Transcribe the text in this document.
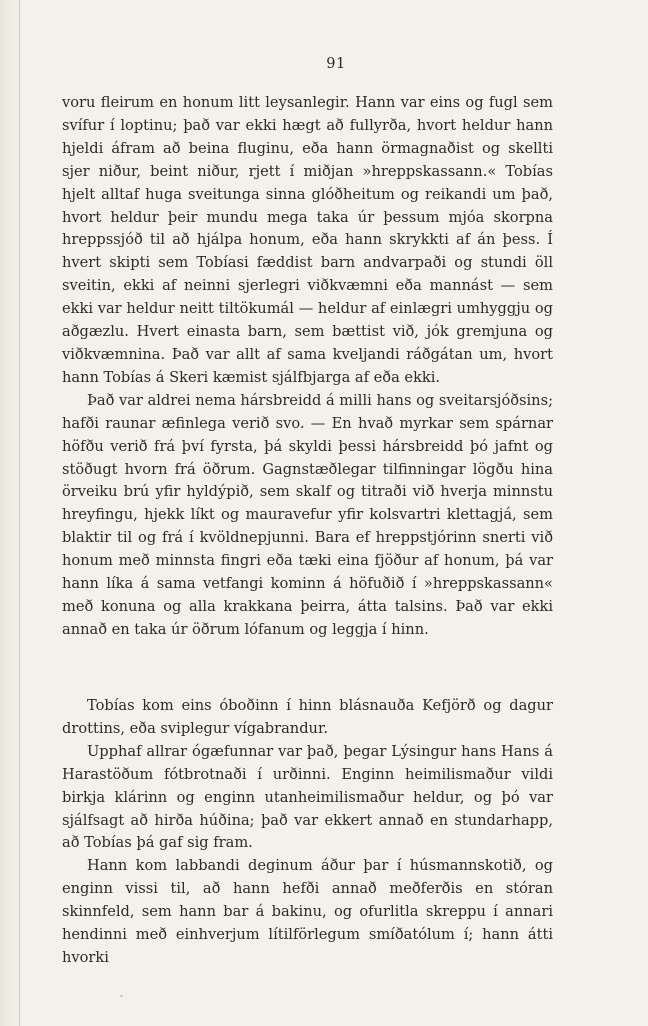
91

voru fleirum en honum litt leysanlegir. Hann var eins og fugl sem svífur í loptinu; það var ekki hægt að fullyrða, hvort heldur hann hjeldi áfram að beina fluginu, eða hann örmagnaðist og skellti sjer niður, beint niður, rjett í miðjan »hreppskassann.« Tobías hjelt alltaf huga sveitunga sinna glóðheitum og reikandi um það, hvort heldur þeir mundu mega taka úr þessum mjóa skorpna hreppssjóð til að hjálpa honum, eða hann skrykkti af án þess. Í hvert skipti sem Tobíasi fæddist barn andvarpaði og stundi öll sveitin, ekki af neinni sjerlegri viðkvæmni eða mannást — sem ekki var heldur neitt tiltökumál — heldur af einlægri umhyggju og aðgæzlu. Hvert einasta barn, sem bættist við, jók gremjuna og viðkvæmnina. Það var allt af sama kveljandi ráðgátan um, hvort hann Tobías á Skeri kæmist sjálfbjarga af eða ekki.

Það var aldrei nema hársbreidd á milli hans og sveitarsjóðsins; hafði raunar æfinlega verið svo. — En hvað myrkar sem spárnar höfðu verið frá því fyrsta, þá skyldi þessi hársbreidd þó jafnt og stöðugt hvorn frá öðrum. Gagnstæðlegar tilfinningar lögðu hina örveiku brú yfir hyldýpið, sem skalf og titraði við hverja minnstu hreyfingu, hjekk líkt og mauravefur yfir kolsvartri klettagjá, sem blaktir til og frá í kvöldnepjunni. Bara ef hreppstjórinn snerti við honum með minnsta fingri eða tæki eina fjöður af honum, þá var hann líka á sama vetfangi kominn á höfuðið í »hreppskassann« með konuna og alla krakkana þeirra, átta talsins. Það var ekki annað en taka úr öðrum lófanum og leggja í hinn.

Tobías kom eins óboðinn í hinn blásnauða Kefjörð og dagur drottins, eða sviplegur vígabrandur.

Upphaf allrar ógæfunnar var það, þegar Lýsingur hans Hans á Harastöðum fótbrotnaði í urðinni. Enginn heimilismaður vildi birkja klárinn og enginn utanheimilismaður heldur, og þó var sjálfsagt að hirða húðina; það var ekkert annað en stundarhapp, að Tobías þá gaf sig fram.

Hann kom labbandi deginum áður þar í húsmannskotið, og enginn vissi til, að hann hefði annað meðferðis en stóran skinnfeld, sem hann bar á bakinu, og ofurlitla skreppu í annari hendinni með einhverjum lítilförlegum smíðatólum í; hann átti hvorki
